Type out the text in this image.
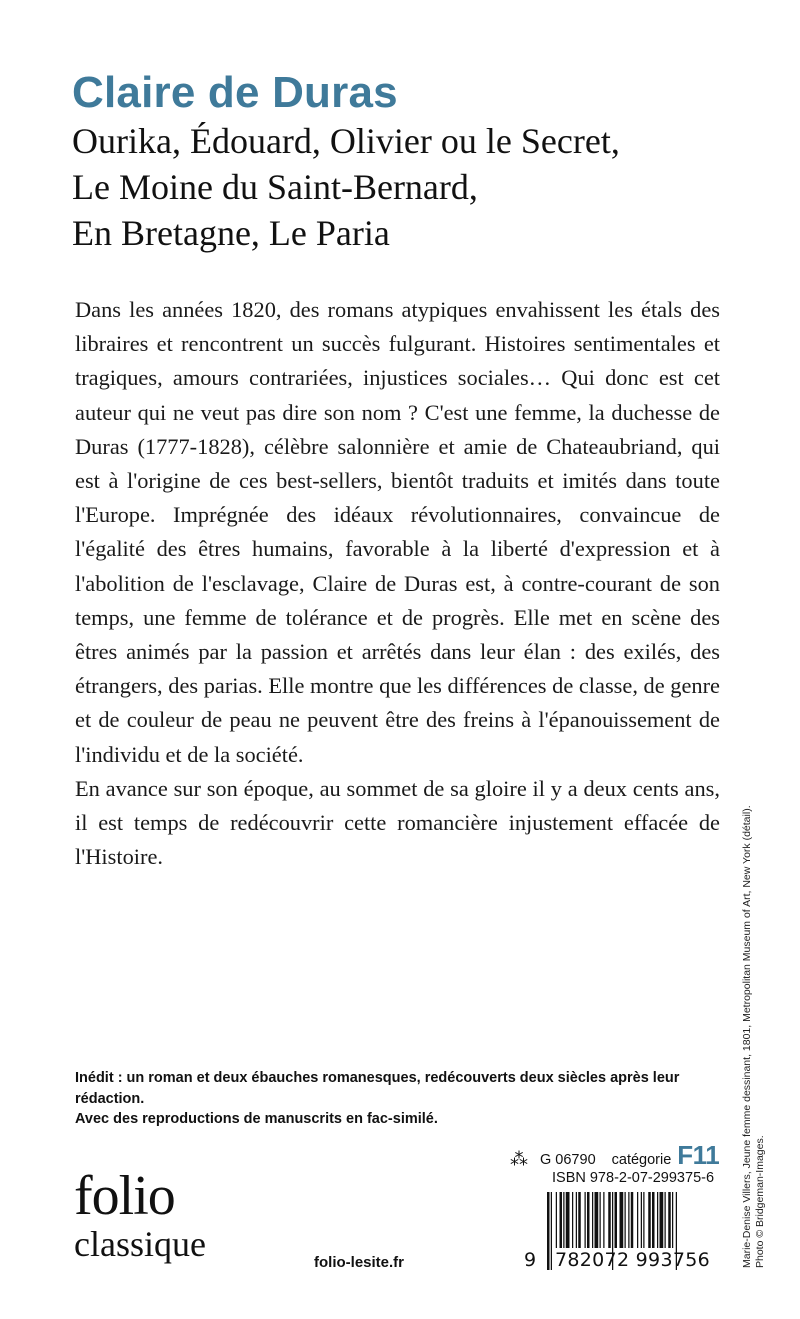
Claire de Duras
Ourika, Édouard, Olivier ou le Secret,
Le Moine du Saint-Bernard,
En Bretagne, Le Paria

Dans les années 1820, des romans atypiques envahissent les étals des libraires et rencontrent un succès fulgurant. Histoires sentimentales et tragiques, amours contrariées, injustices sociales… Qui donc est cet auteur qui ne veut pas dire son nom ? C'est une femme, la duchesse de Duras (1777-1828), célèbre salonnière et amie de Chateaubriand, qui est à l'origine de ces best-sellers, bientôt traduits et imités dans toute l'Europe. Imprégnée des idéaux révolutionnaires, convaincue de l'égalité des êtres humains, favorable à la liberté d'expression et à l'abolition de l'esclavage, Claire de Duras est, à contre-courant de son temps, une femme de tolérance et de progrès. Elle met en scène des êtres animés par la passion et arrêtés dans leur élan : des exilés, des étrangers, des parias. Elle montre que les différences de classe, de genre et de couleur de peau ne peuvent être des freins à l'épanouissement de l'individu et de la société.

En avance sur son époque, au sommet de sa gloire il y a deux cents ans, il est temps de redécouvrir cette romancière injustement effacée de l'Histoire.

Inédit : un roman et deux ébauches romanesques, redécouverts deux siècles après leur rédaction.

Avec des reproductions de manuscrits en fac-similé.

⁂ G 06790 catégorie F11
ISBN 978-2-07-299375-6
folio
classique	folio-lesite.fr	9 782072 993756	Marie-Denise Villers, Jeune femme dessinant, 1801, Metropolitan Museum of Art, New York (détail). Photo © Bridgeman-Images.
